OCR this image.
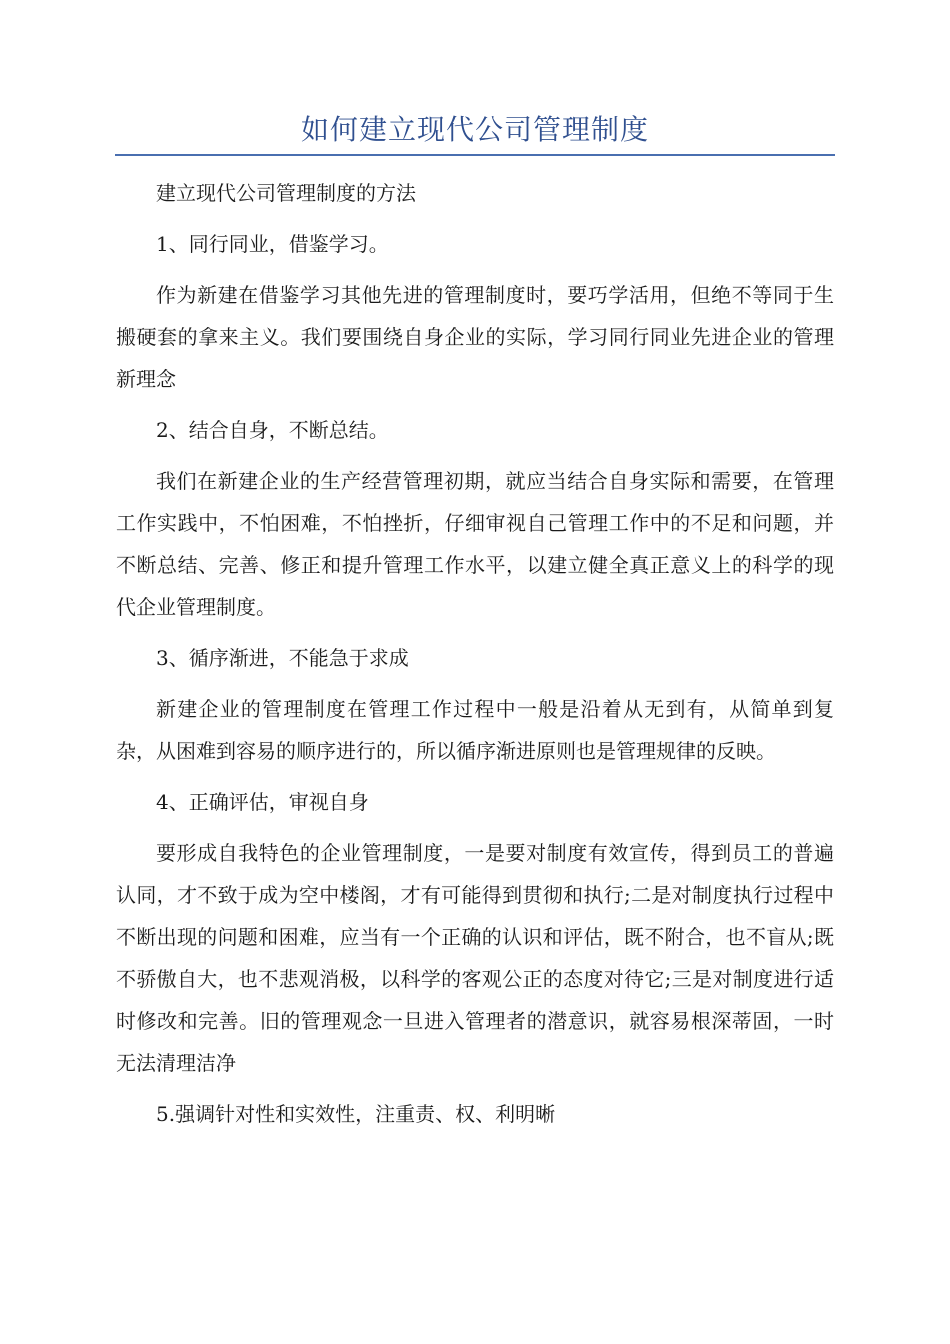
如何建立现代公司管理制度

建立现代公司管理制度的方法

1、同行同业，借鉴学习。

作为新建在借鉴学习其他先进的管理制度时，要巧学活用，但绝不等同于生搬硬套的拿来主义。我们要围绕自身企业的实际，学习同行同业先进企业的管理新理念

2、结合自身，不断总结。

我们在新建企业的生产经营管理初期，就应当结合自身实际和需要，在管理工作实践中，不怕困难，不怕挫折，仔细审视自己管理工作中的不足和问题，并不断总结、完善、修正和提升管理工作水平，以建立健全真正意义上的科学的现代企业管理制度。

3、循序渐进，不能急于求成

新建企业的管理制度在管理工作过程中一般是沿着从无到有，从简单到复杂，从困难到容易的顺序进行的，所以循序渐进原则也是管理规律的反映。

4、正确评估，审视自身

要形成自我特色的企业管理制度，一是要对制度有效宣传，得到员工的普遍认同，才不致于成为空中楼阁，才有可能得到贯彻和执行;二是对制度执行过程中不断出现的问题和困难，应当有一个正确的认识和评估，既不附合，也不盲从;既不骄傲自大，也不悲观消极，以科学的客观公正的态度对待它;三是对制度进行适时修改和完善。旧的管理观念一旦进入管理者的潜意识，就容易根深蒂固，一时无法清理洁净

5.强调针对性和实效性，注重责、权、利明晰
